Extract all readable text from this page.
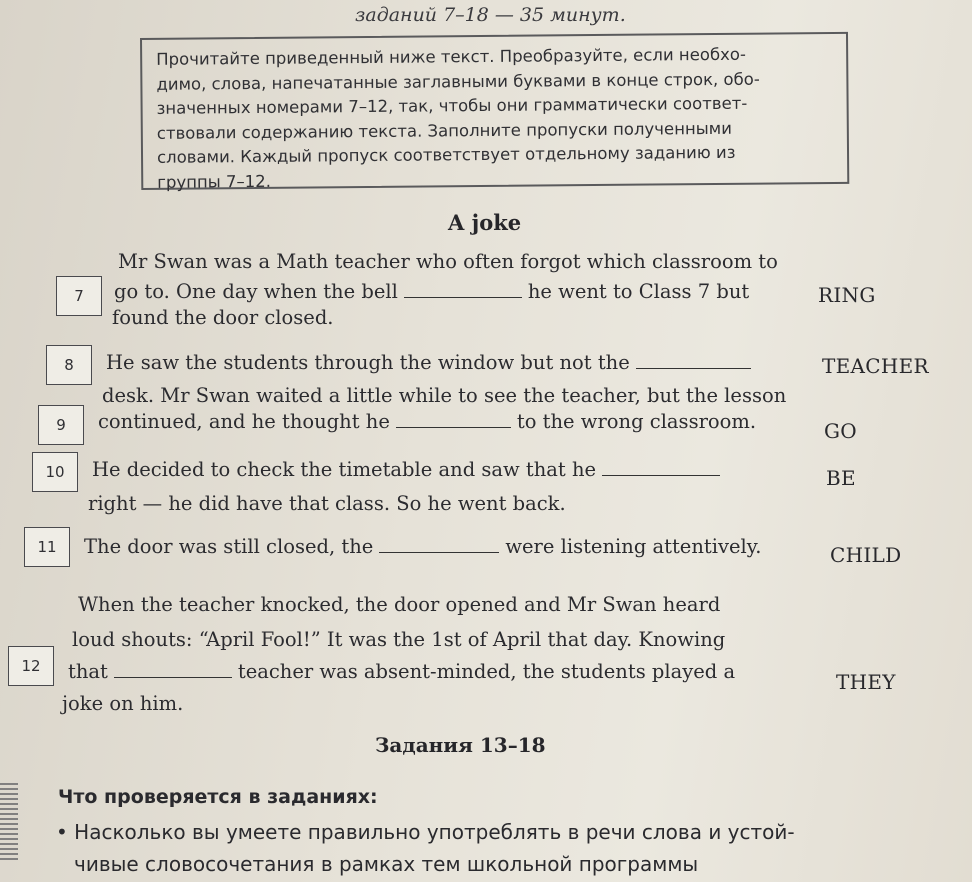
заданий 7–18 — 35 минут.
Прочитайте приведенный ниже текст. Преобразуйте, если необхо-
димо, слова, напечатанные заглавными буквами в конце строк, обо-
значенных номерами 7–12, так, чтобы они грамматически соответ-
ствовали содержанию текста. Заполните пропуски полученными
словами. Каждый пропуск соответствует отдельному заданию из
группы 7–12.
A joke
Mr Swan was a Math teacher who often forgot which classroom to
7	go to. One day when the bell	he went to Class 7 but	RING
found the door closed.
8	He saw the students through the window but not the	TEACHER
desk. Mr Swan waited a little while to see the teacher, but the lesson
9	continued, and he thought he	to the wrong classroom.	GO
10	He decided to check the timetable and saw that he	BE
right — he did have that class. So he went back.
11	The door was still closed, the	were listening attentively.	CHILD
When the teacher knocked, the door opened and Mr Swan heard
loud shouts: “April Fool!” It was the 1st of April that day. Knowing
12	that	teacher was absent-minded, the students played a	THEY
joke on him.
Задания 13–18
Что проверяется в заданиях:
• Насколько вы умеете правильно употреблять в речи слова и устой-
чивые словосочетания в рамках тем школьной программы
